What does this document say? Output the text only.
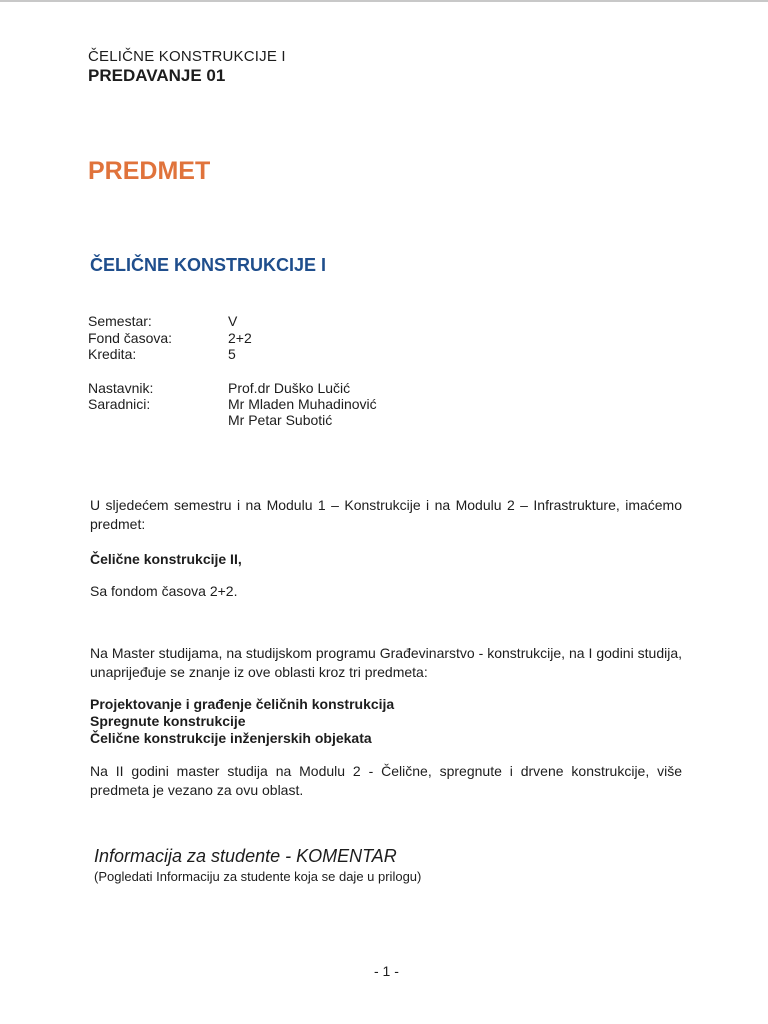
ČELIČNE KONSTRUKCIJE I
PREDAVANJE 01
PREDMET
ČELIČNE KONSTRUKCIJE I
Semestar:	V
Fond časova:	2+2
Kredita:	5
Nastavnik:	Prof.dr Duško Lučić
Saradnici:	Mr Mladen Muhadinović
Mr Petar Subotić
U sljedećem semestru i na Modulu 1 – Konstrukcije i na Modulu 2 – Infrastrukture, imaćemo predmet:
Čelične konstrukcije II,
Sa fondom časova 2+2.
Na Master studijama, na studijskom programu Građevinarstvo - konstrukcije, na I godini studija, unaprijeđuje se znanje iz ove oblasti kroz tri predmeta:
Projektovanje i građenje čeličnih konstrukcija
Spregnute konstrukcije
Čelične konstrukcije inženjerskih objekata
Na II godini master studija na Modulu 2 - Čelične, spregnute i drvene konstrukcije, više predmeta je vezano za ovu oblast.
Informacija za studente - KOMENTAR
(Pogledati Informaciju za studente koja se daje u prilogu)
- 1 -
